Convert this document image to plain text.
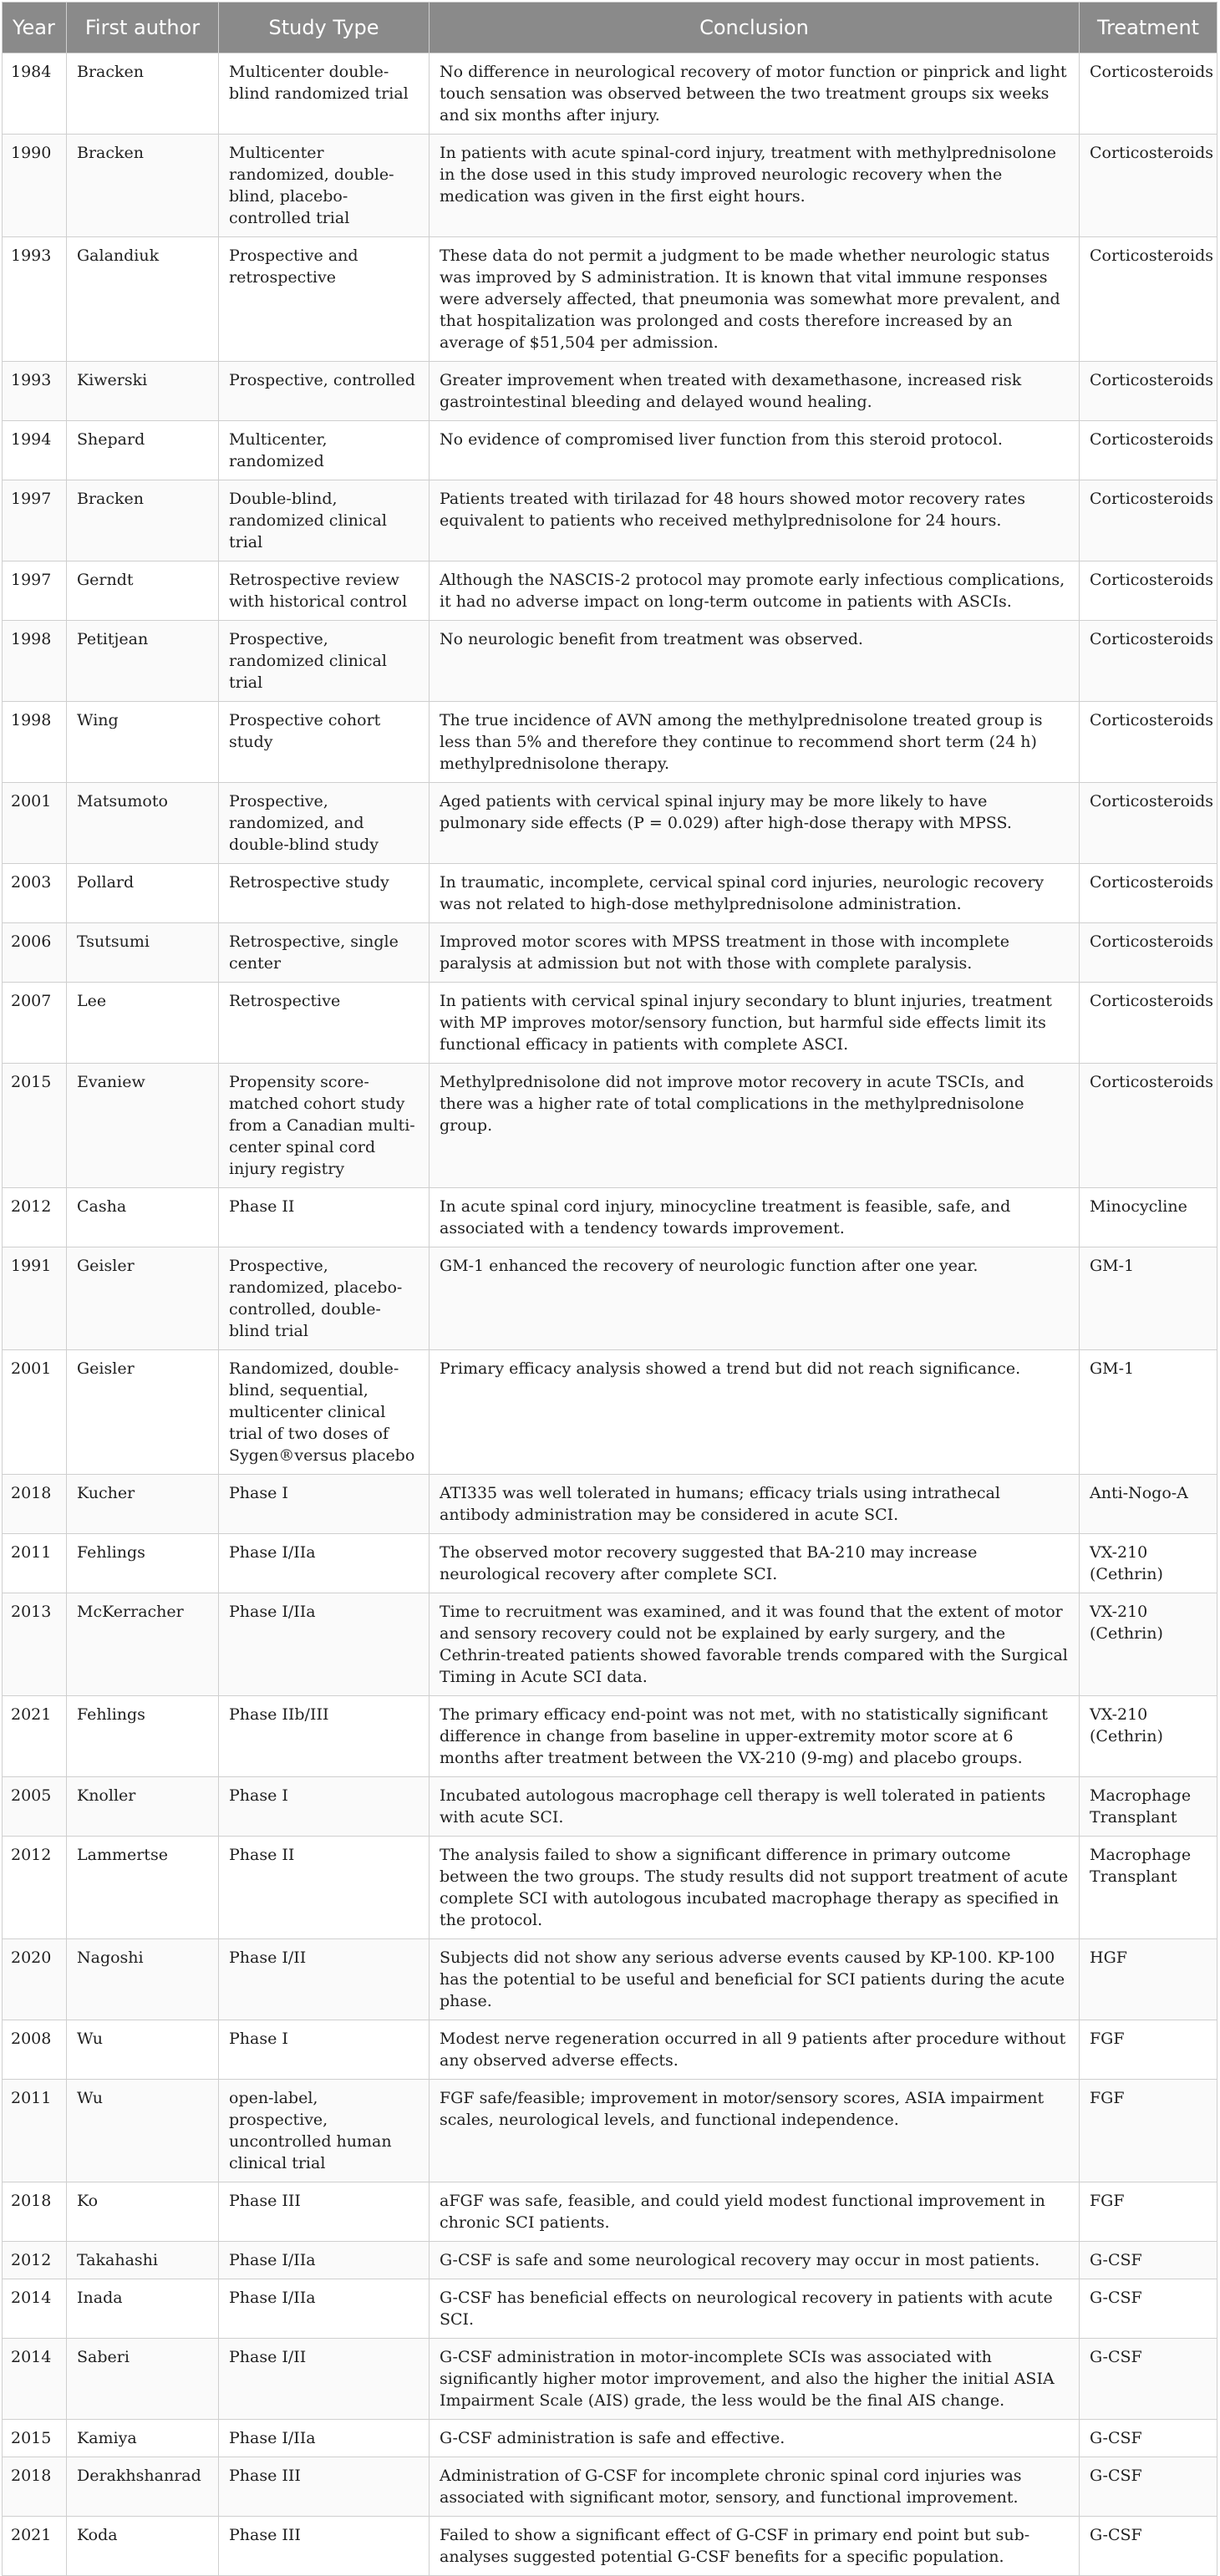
Year	First author	Study Type	Conclusion	Treatment
1984	Bracken	Multicenter double-blind randomized trial	No difference in neurological recovery of motor function or pinprick and light touch sensation was observed between the two treatment groups six weeks and six months after injury.	Corticosteroids
1990	Bracken	Multicenter randomized, double-blind, placebo-controlled trial	In patients with acute spinal-cord injury, treatment with methylprednisolone in the dose used in this study improved neurologic recovery when the medication was given in the first eight hours.	Corticosteroids
1993	Galandiuk	Prospective and retrospective	These data do not permit a judgment to be made whether neurologic status was improved by S administration. It is known that vital immune responses were adversely affected, that pneumonia was somewhat more prevalent, and that hospitalization was prolonged and costs therefore increased by an average of $51,504 per admission.	Corticosteroids
1993	Kiwerski	Prospective, controlled	Greater improvement when treated with dexamethasone, increased risk gastrointestinal bleeding and delayed wound healing.	Corticosteroids
1994	Shepard	Multicenter, randomized	No evidence of compromised liver function from this steroid protocol.	Corticosteroids
1997	Bracken	Double-blind, randomized clinical trial	Patients treated with tirilazad for 48 hours showed motor recovery rates equivalent to patients who received methylprednisolone for 24 hours.	Corticosteroids
1997	Gerndt	Retrospective review with historical control	Although the NASCIS-2 protocol may promote early infectious complications, it had no adverse impact on long-term outcome in patients with ASCIs.	Corticosteroids
1998	Petitjean	Prospective, randomized clinical trial	No neurologic benefit from treatment was observed.	Corticosteroids
1998	Wing	Prospective cohort study	The true incidence of AVN among the methylprednisolone treated group is less than 5% and therefore they continue to recommend short term (24 h) methylprednisolone therapy.	Corticosteroids
2001	Matsumoto	Prospective, randomized, and double-blind study	Aged patients with cervical spinal injury may be more likely to have pulmonary side effects (P = 0.029) after high-dose therapy with MPSS.	Corticosteroids
2003	Pollard	Retrospective study	In traumatic, incomplete, cervical spinal cord injuries, neurologic recovery was not related to high-dose methylprednisolone administration.	Corticosteroids
2006	Tsutsumi	Retrospective, single center	Improved motor scores with MPSS treatment in those with incomplete paralysis at admission but not with those with complete paralysis.	Corticosteroids
2007	Lee	Retrospective	In patients with cervical spinal injury secondary to blunt injuries, treatment with MP improves motor/sensory function, but harmful side effects limit its functional efficacy in patients with complete ASCI.	Corticosteroids
2015	Evaniew	Propensity score-matched cohort study from a Canadian multi-center spinal cord injury registry	Methylprednisolone did not improve motor recovery in acute TSCIs, and there was a higher rate of total complications in the methylprednisolone group.	Corticosteroids
2012	Casha	Phase II	In acute spinal cord injury, minocycline treatment is feasible, safe, and associated with a tendency towards improvement.	Minocycline
1991	Geisler	Prospective, randomized, placebo-controlled, double-blind trial	GM-1 enhanced the recovery of neurologic function after one year.	GM-1
2001	Geisler	Randomized, double-blind, sequential, multicenter clinical trial of two doses of Sygen®versus placebo	Primary efficacy analysis showed a trend but did not reach significance.	GM-1
2018	Kucher	Phase I	ATI335 was well tolerated in humans; efficacy trials using intrathecal antibody administration may be considered in acute SCI.	Anti-Nogo-A
2011	Fehlings	Phase I/IIa	The observed motor recovery suggested that BA-210 may increase neurological recovery after complete SCI.	VX-210 (Cethrin)
2013	McKerracher	Phase I/IIa	Time to recruitment was examined, and it was found that the extent of motor and sensory recovery could not be explained by early surgery, and the Cethrin-treated patients showed favorable trends compared with the Surgical Timing in Acute SCI data.	VX-210 (Cethrin)
2021	Fehlings	Phase IIb/III	The primary efficacy end-point was not met, with no statistically significant difference in change from baseline in upper-extremity motor score at 6 months after treatment between the VX-210 (9-mg) and placebo groups.	VX-210 (Cethrin)
2005	Knoller	Phase I	Incubated autologous macrophage cell therapy is well tolerated in patients with acute SCI.	Macrophage Transplant
2012	Lammertse	Phase II	The analysis failed to show a significant difference in primary outcome between the two groups. The study results did not support treatment of acute complete SCI with autologous incubated macrophage therapy as specified in the protocol.	Macrophage Transplant
2020	Nagoshi	Phase I/II	Subjects did not show any serious adverse events caused by KP-100. KP-100 has the potential to be useful and beneficial for SCI patients during the acute phase.	HGF
2008	Wu	Phase I	Modest nerve regeneration occurred in all 9 patients after procedure without any observed adverse effects.	FGF
2011	Wu	open-label, prospective, uncontrolled human clinical trial	FGF safe/feasible; improvement in motor/sensory scores, ASIA impairment scales, neurological levels, and functional independence.	FGF
2018	Ko	Phase III	aFGF was safe, feasible, and could yield modest functional improvement in chronic SCI patients.	FGF
2012	Takahashi	Phase I/IIa	G-CSF is safe and some neurological recovery may occur in most patients.	G-CSF
2014	Inada	Phase I/IIa	G-CSF has beneficial effects on neurological recovery in patients with acute SCI.	G-CSF
2014	Saberi	Phase I/II	G-CSF administration in motor-incomplete SCIs was associated with significantly higher motor improvement, and also the higher the initial ASIA Impairment Scale (AIS) grade, the less would be the final AIS change.	G-CSF
2015	Kamiya	Phase I/IIa	G-CSF administration is safe and effective.	G-CSF
2018	Derakhshanrad	Phase III	Administration of G-CSF for incomplete chronic spinal cord injuries was associated with significant motor, sensory, and functional improvement.	G-CSF
2021	Koda	Phase III	Failed to show a significant effect of G-CSF in primary end point but sub-analyses suggested potential G-CSF benefits for a specific population.	G-CSF
